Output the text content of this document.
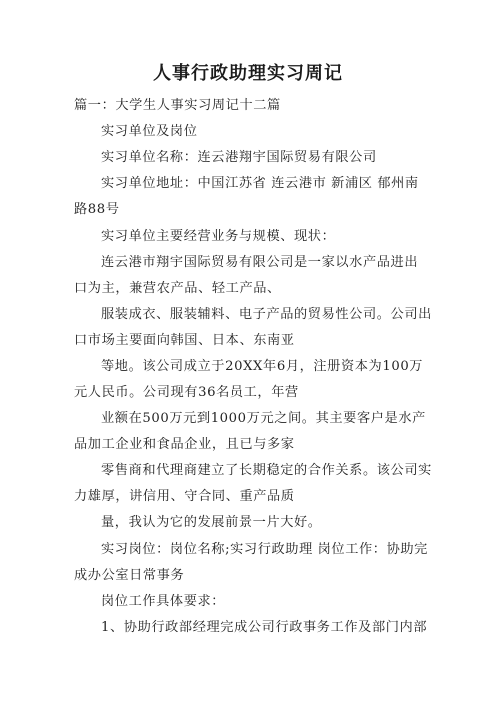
人事行政助理实习周记
篇一：大学生人事实习周记十二篇
实习单位及岗位
实习单位名称：连云港翔宇国际贸易有限公司
实习单位地址：中国江苏省 连云港市 新浦区 郁州南
路88号
实习单位主要经营业务与规模、现状：
连云港市翔宇国际贸易有限公司是一家以水产品进出
口为主，兼营农产品、轻工产品、
服装成衣、服装辅料、电子产品的贸易性公司。公司出
口市场主要面向韩国、日本、东南亚
等地。该公司成立于20XX年6月，注册资本为100万
元人民币。公司现有36名员工，年营
业额在500万元到1000万元之间。其主要客户是水产
品加工企业和食品企业，且已与多家
零售商和代理商建立了长期稳定的合作关系。该公司实
力雄厚，讲信用、守合同、重产品质
量，我认为它的发展前景一片大好。
实习岗位：岗位名称;实习行政助理 岗位工作：协助完
成办公室日常事务
岗位工作具体要求：
1、协助行政部经理完成公司行政事务工作及部门内部
